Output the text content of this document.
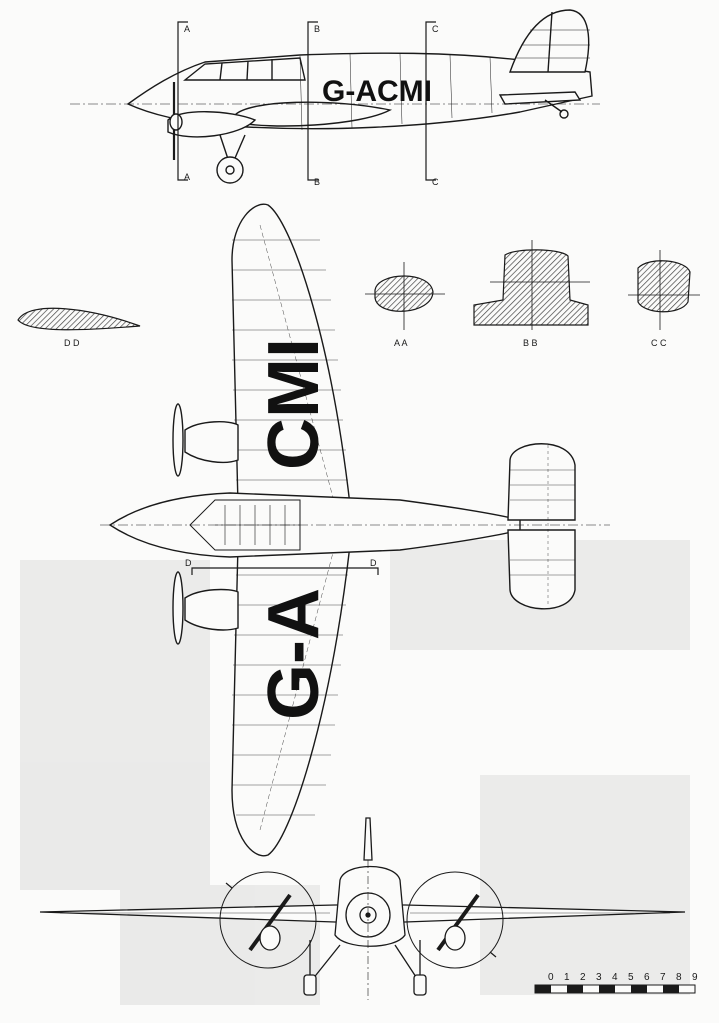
A
A
B
B
C
C
G-ACMI
D D	A A	B B	C C
D	D
CMI
G-A
0 1 2 3 4 5 6 7 8 9
